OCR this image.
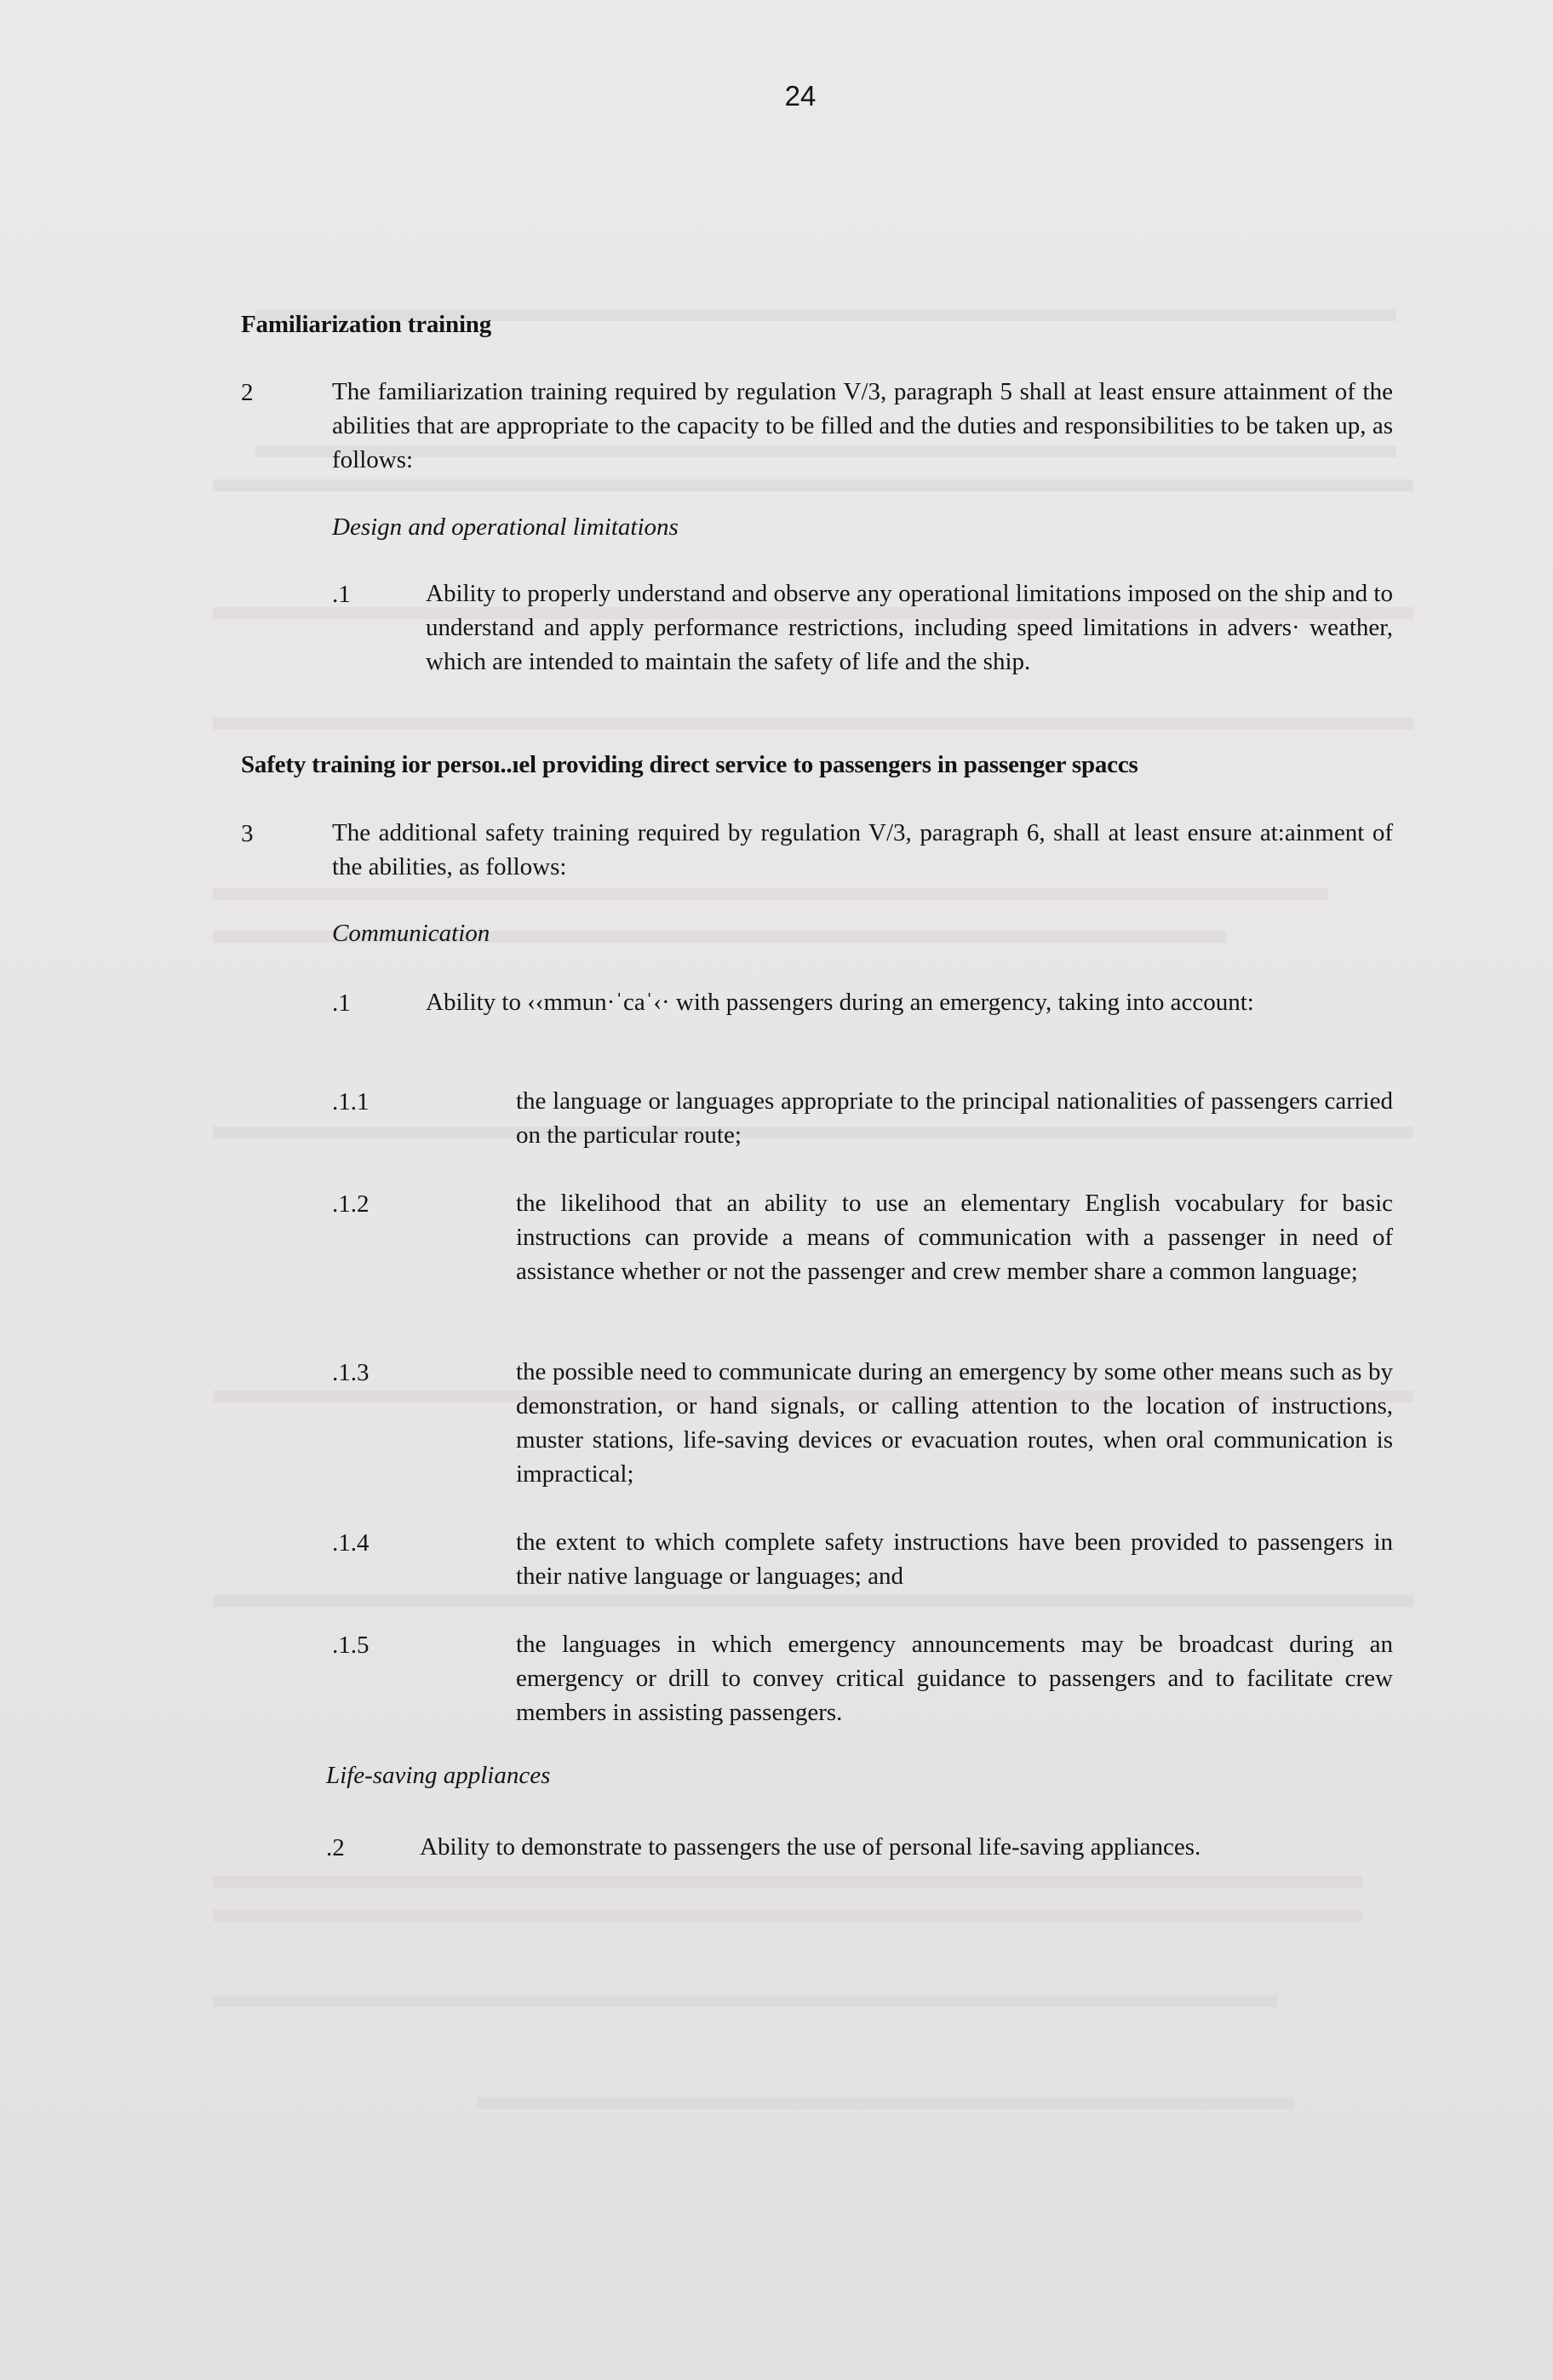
24
Familiarization training
2	The familiarization training required by regulation V/3, paragraph 5 shall at least ensure attainment of the abilities that are appropriate to the capacity to be filled and the duties and responsibilities to be taken up, as follows:
Design and operational limitations
.1	Ability to properly understand and observe any operational limitations imposed on the ship and to understand and apply performance restrictions, including speed limitations in advers· weather, which are intended to maintain the safety of life and the ship.
Safety training ior persoı..ıel providing direct service to passengers in passenger spaccs
3	The additional safety training required by regulation V/3, paragraph 6, shall at least ensure at:ainment of the abilities, as follows:
Communication
.1	Ability to ‹‹mmun·ˈcaˈ‹· with passengers during an emergency, taking into account:
.1.1	the language or languages appropriate to the principal nationalities of passengers carried on the particular route;
.1.2	the likelihood that an ability to use an elementary English vocabulary for basic instructions can provide a means of communication with a passenger in need of assistance whether or not the passenger and crew member share a common language;
.1.3	the possible need to communicate during an emergency by some other means such as by demonstration, or hand signals, or calling attention to the location of instructions, muster stations, life-saving devices or evacuation routes, when oral communication is impractical;
.1.4	the extent to which complete safety instructions have been provided to passengers in their native language or languages; and
.1.5	the languages in which emergency announcements may be broadcast during an emergency or drill to convey critical guidance to passengers and to facilitate crew members in assisting passengers.
Life-saving appliances
.2	Ability to demonstrate to passengers the use of personal life-saving appliances.
